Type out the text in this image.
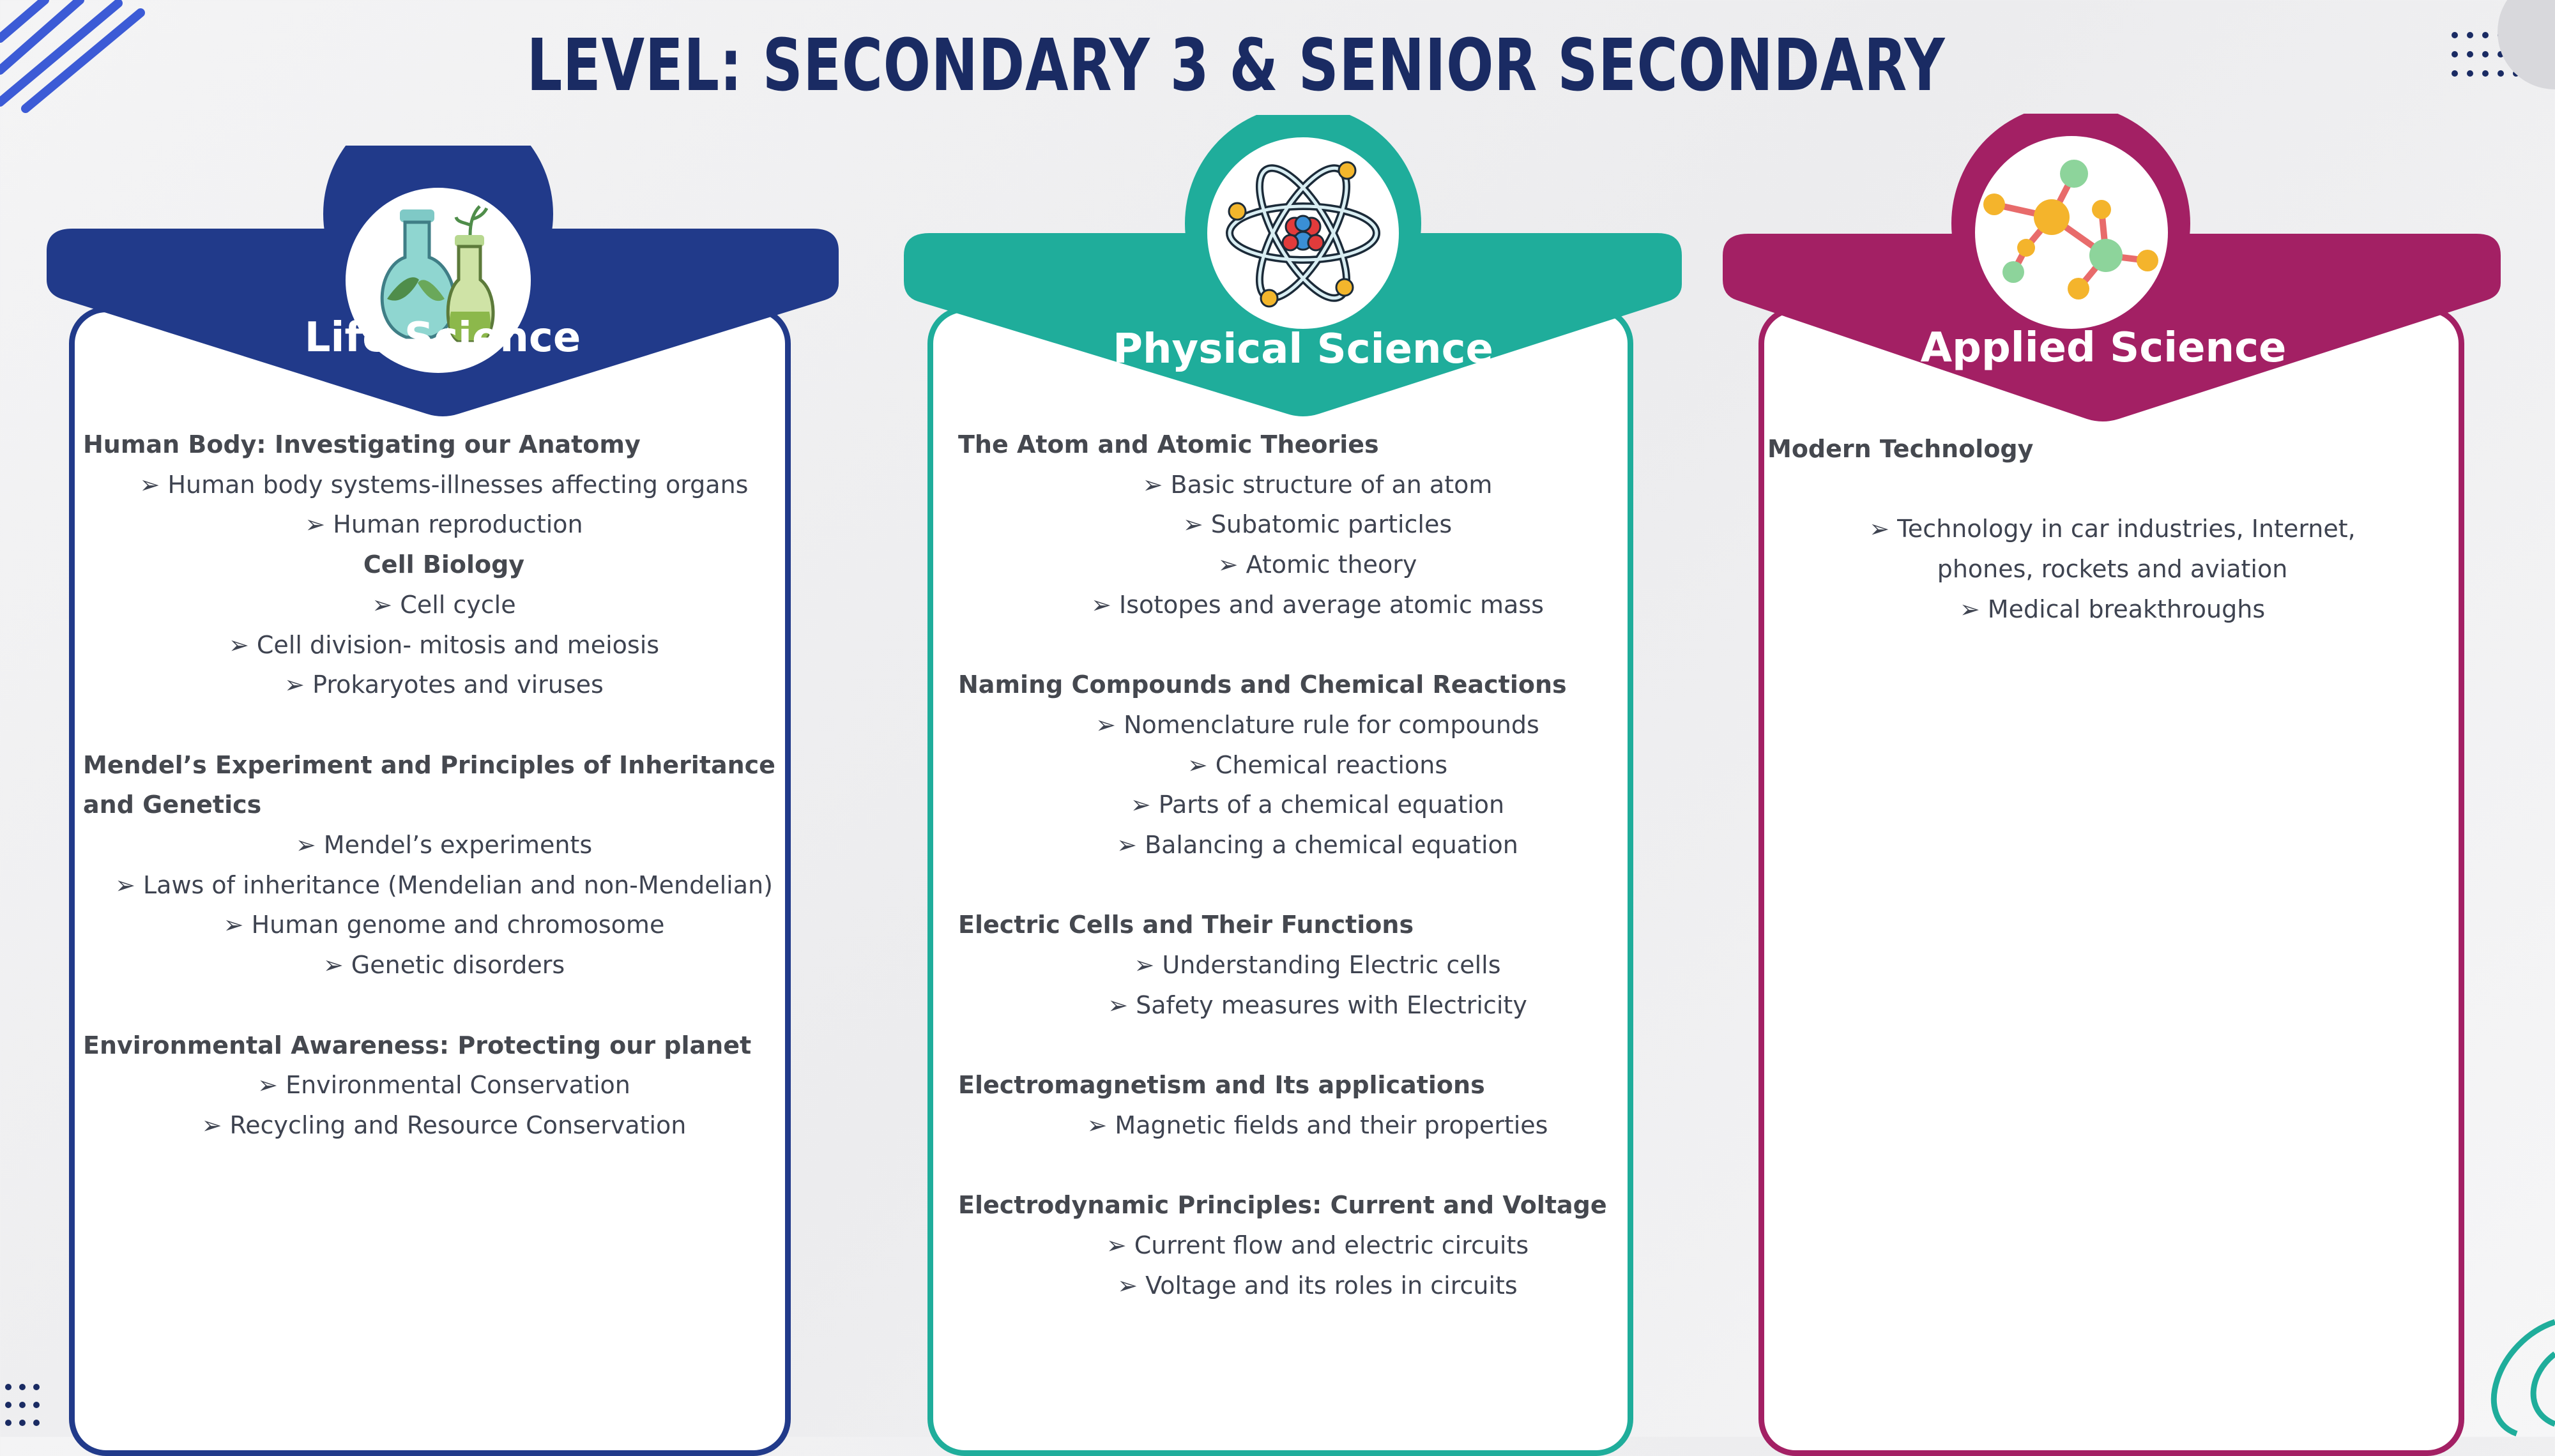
LEVEL: SECONDARY 3 & SENIOR SECONDARY
Life Science
Human Body: Investigating our Anatomy
➢ Human body systems-illnesses affecting organs
➢ Human reproduction
Cell Biology
➢ Cell cycle
➢ Cell division- mitosis and meiosis
➢ Prokaryotes and viruses
Mendel’s Experiment and Principles of Inheritance and Genetics
➢ Mendel’s experiments
➢ Laws of inheritance (Mendelian and non-Mendelian)
➢ Human genome and chromosome
➢ Genetic disorders
Environmental Awareness: Protecting our planet
➢ Environmental Conservation
➢ Recycling and Resource Conservation
Physical Science
The Atom and Atomic Theories
➢ Basic structure of an atom
➢ Subatomic particles
➢ Atomic theory
➢ Isotopes and average atomic mass
Naming Compounds and Chemical Reactions
➢ Nomenclature rule for compounds
➢ Chemical reactions
➢ Parts of a chemical equation
➢ Balancing a chemical equation
Electric Cells and Their Functions
➢ Understanding Electric cells
➢ Safety measures with Electricity
Electromagnetism and Its applications
➢ Magnetic fields and their properties
Electrodynamic Principles: Current and Voltage
➢ Current flow and electric circuits
➢ Voltage and its roles in circuits
Applied Science
Modern Technology
➢ Technology in car industries, Internet,
phones, rockets and aviation
➢ Medical breakthroughs
